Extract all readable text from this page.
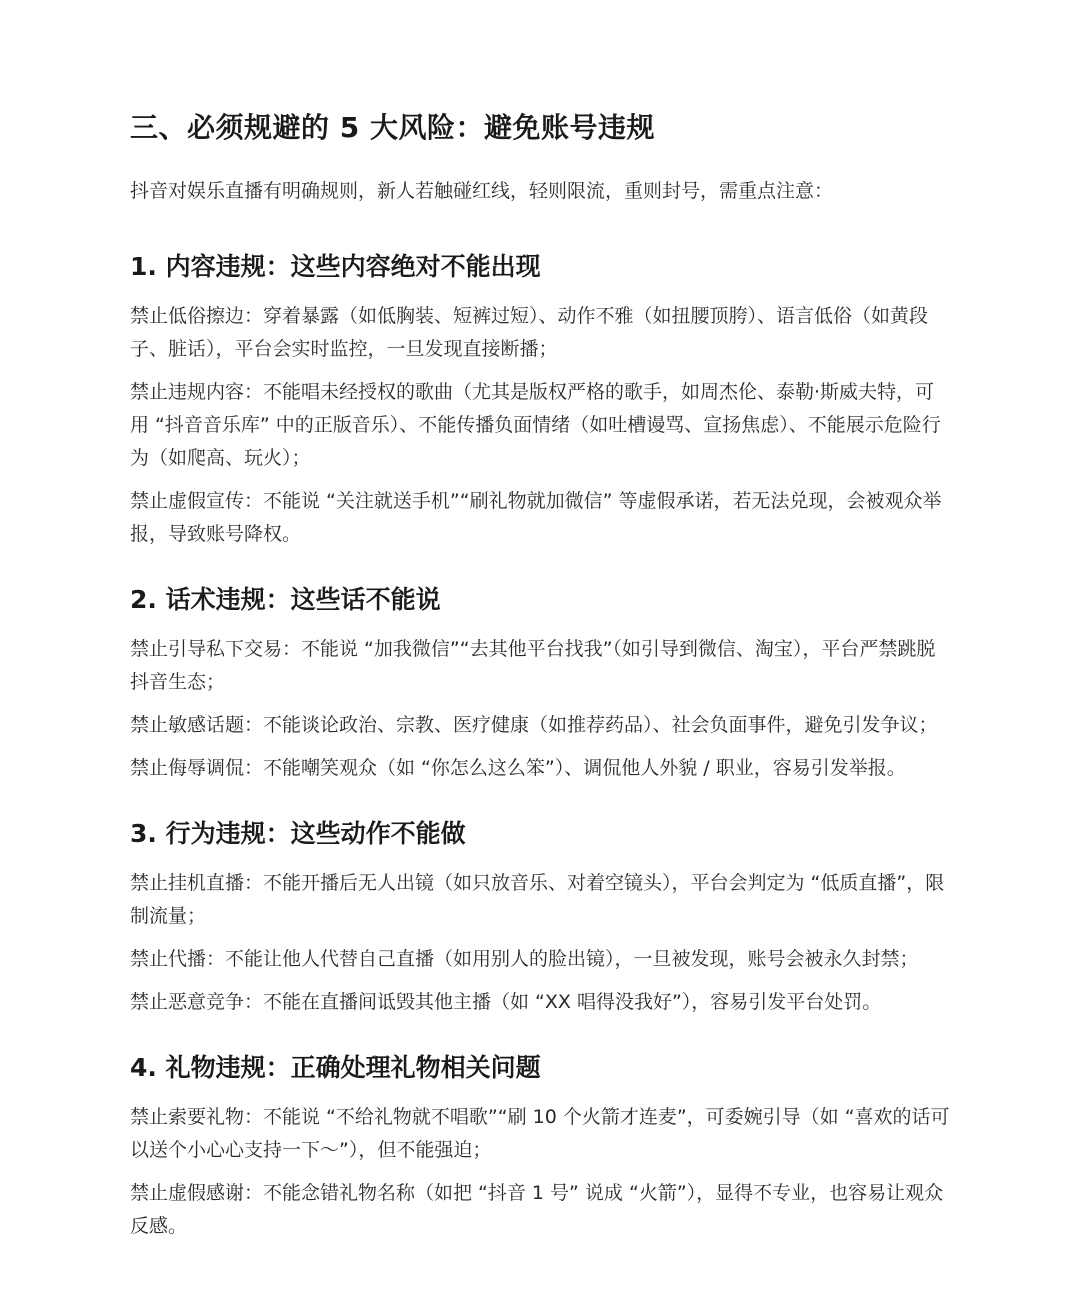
三、必须规避的 5 大风险：避免账号违规

抖音对娱乐直播有明确规则，新人若触碰红线，轻则限流，重则封号，需重点注意：

1. 内容违规：这些内容绝对不能出现

禁止低俗擦边：穿着暴露（如低胸装、短裤过短）、动作不雅（如扭腰顶胯）、语言低俗（如黄段子、脏话），平台会实时监控，一旦发现直接断播；

禁止违规内容：不能唱未经授权的歌曲（尤其是版权严格的歌手，如周杰伦、泰勒·斯威夫特，可用 “抖音音乐库” 中的正版音乐）、不能传播负面情绪（如吐槽谩骂、宣扬焦虑）、不能展示危险行为（如爬高、玩火）；

禁止虚假宣传：不能说 “关注就送手机”“刷礼物就加微信” 等虚假承诺，若无法兑现，会被观众举报，导致账号降权。

2. 话术违规：这些话不能说

禁止引导私下交易：不能说 “加我微信”“去其他平台找我”（如引导到微信、淘宝），平台严禁跳脱抖音生态；

禁止敏感话题：不能谈论政治、宗教、医疗健康（如推荐药品）、社会负面事件，避免引发争议；

禁止侮辱调侃：不能嘲笑观众（如 “你怎么这么笨”）、调侃他人外貌 / 职业，容易引发举报。

3. 行为违规：这些动作不能做

禁止挂机直播：不能开播后无人出镜（如只放音乐、对着空镜头），平台会判定为 “低质直播”，限制流量；

禁止代播：不能让他人代替自己直播（如用别人的脸出镜），一旦被发现，账号会被永久封禁；

禁止恶意竞争：不能在直播间诋毁其他主播（如 “XX 唱得没我好”），容易引发平台处罚。

4. 礼物违规：正确处理礼物相关问题

禁止索要礼物：不能说 “不给礼物就不唱歌”“刷 10 个火箭才连麦”，可委婉引导（如 “喜欢的话可以送个小心心支持一下～”），但不能强迫；

禁止虚假感谢：不能念错礼物名称（如把 “抖音 1 号” 说成 “火箭”），显得不专业，也容易让观众反感。
